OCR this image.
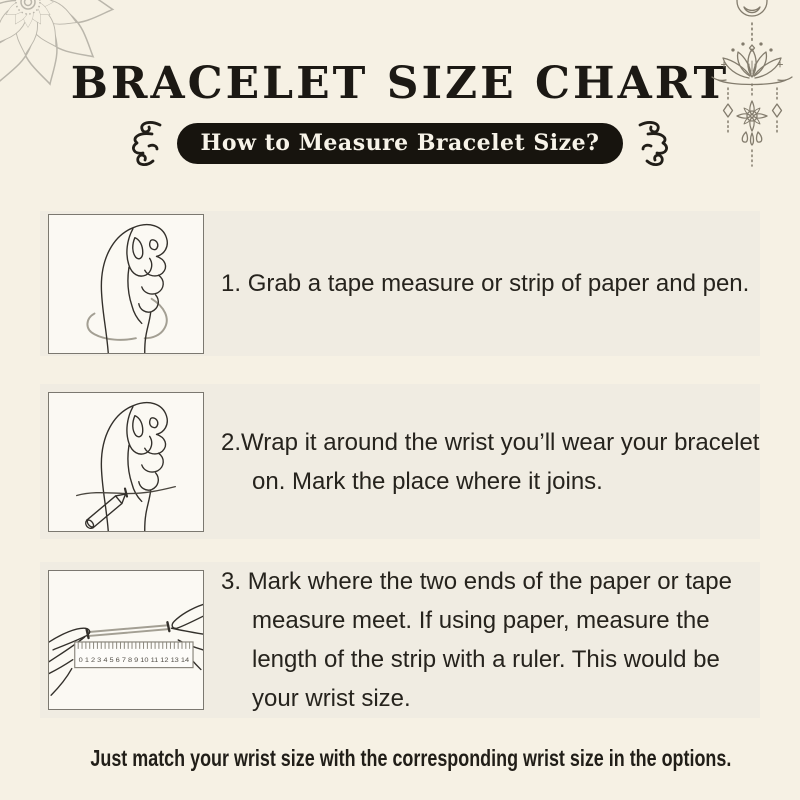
BRACELET SIZE CHART
How to Measure Bracelet Size?

1. Grab a tape measure or strip of paper and pen.

2.Wrap it around the wrist you’ll wear your bracelet on. Mark the place where it joins.

0 1 2 3 4 5 6 7 8 9 10 11 12 13 14

3. Mark where the two ends of the paper or tape measure meet. If using paper, measure the length of the strip with a ruler. This would be your wrist size.

Just match your wrist size with the corresponding wrist size in the options.
